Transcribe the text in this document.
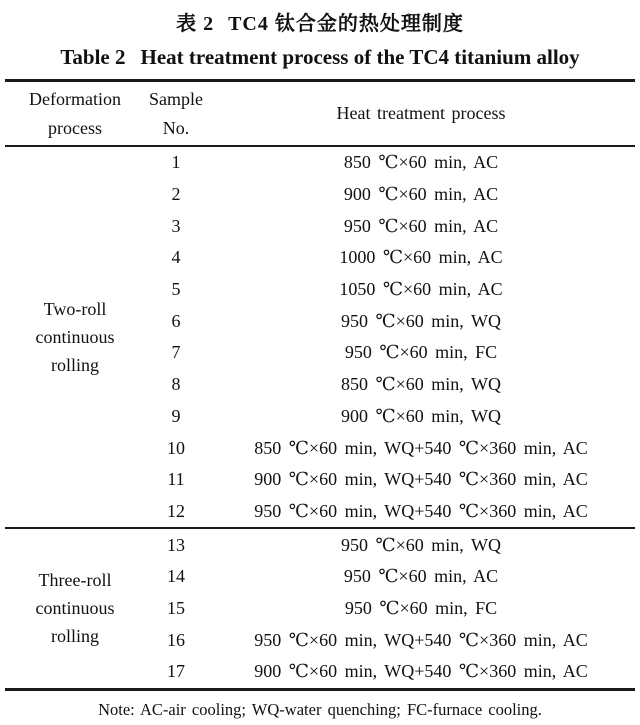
表 2 TC4 钛合金的热处理制度
Table 2 Heat treatment process of the TC4 titanium alloy
Deformation process	Sample No.	Heat treatment process
Two-roll continuous rolling	1	850 ℃×60 min, AC
	2	900 ℃×60 min, AC
	3	950 ℃×60 min, AC
	4	1000 ℃×60 min, AC
	5	1050 ℃×60 min, AC
	6	950 ℃×60 min, WQ
	7	950 ℃×60 min, FC
	8	850 ℃×60 min, WQ
	9	900 ℃×60 min, WQ
	10	850 ℃×60 min, WQ+540 ℃×360 min, AC
	11	900 ℃×60 min, WQ+540 ℃×360 min, AC
	12	950 ℃×60 min, WQ+540 ℃×360 min, AC
Three-roll continuous rolling	13	950 ℃×60 min, WQ
	14	950 ℃×60 min, AC
	15	950 ℃×60 min, FC
	16	950 ℃×60 min, WQ+540 ℃×360 min, AC
	17	900 ℃×60 min, WQ+540 ℃×360 min, AC
Note: AC-air cooling; WQ-water quenching; FC-furnace cooling.
